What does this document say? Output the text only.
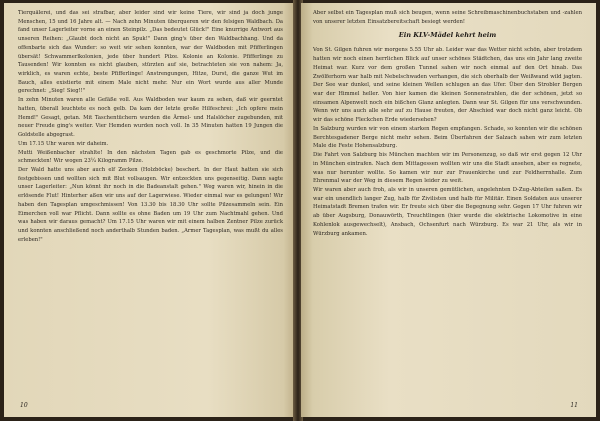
Tierquälerei, und das sei strafbar, aber leider sind wir keine Tiere, wir sind ja doch junge Menschen, 15 und 16 Jahre alt. — Nach zehn Minuten überqueren wir den felsigen Waldbach. Da fand unser Lagerleiter vorne an einen Steinpilz. „Das bedeutet Glück!" Eine knurrige Antwort aus unseren Reihen: „Glaubt doch nicht an Spuk!" Dann ging's über den Waldbachhang. Und da offenbarte sich das Wunder: so weit wir sehen konnten, war der Waldboden mit Pfifferlingen übersät! Schwammerlkolonien, jede über hundert Pilze. Kolonie an Kolonie. Pfifferlinge zu Tausenden! Wir konnten es nicht glauben, stürzten auf sie, betrachteten sie von nahem: Ja, wirklich, es waren echte, beste Pfifferlinge! Anstrengungen, Hitze, Durst, die ganze Wut im Bauch, alles existierte mit einem Male nicht mehr. Nur ein Wort wurde aus aller Munde gerechnet: „Sieg! Sieg!!"

In zehn Minuten waren alle Gefäße voll. Aus Waldboden war kaum zu sehen, daß wir geerntet hatten, überall leuchtete es noch gelb. Da kam der letzte große Hilfeschrei: „Ich opfere mein Hemd!" Gesagt, getan. Mit Taschentüchern wurden die Ärmel- und Halslöcher zugebunden, mit neuer Freude ging's weiter. Vier Hemden wurden noch voll. In 35 Minuten hatten 19 Jungen die Goldstelle abgegrast.

Um 17.15 Uhr waren wir daheim.

Mutti Weißenbacher strahlte! In den nächsten Tagen gab es geschmorte Pilze, und die schmeckten! Wir wogen 23¼ Kilogramm Pilze.

Der Wald hatte uns aber auch elf Zecken (Holzböcke) beschert. In der Haut hatten sie sich festgebissen und wollten sich mit Blut vollsaugen. Wir entzeckten uns gegenseitig. Dann sagte unser Lagerleiter: „Nun könnt ihr noch in die Badeanstalt gehen." Weg waren wir, hinein in die erlösende Flut! Hinterher aßen wir uns auf der Lagerwiese. Wieder einmal war es gelungen! Wir haben den Tagesplan umgeschmissen! Von 13.30 bis 18.30 Uhr sollte Pilzesammeln sein. Ein Eimerchen voll war Pflicht. Dann sollte es ohne Baden um 19 Uhr zum Nachtmahl gehen. Und was haben wir daraus gemacht? Um 17.15 Uhr waren wir mit einem halben Zentner Pilze zurück und konnten anschließend noch anderthalb Stunden baden. „Armer Tagesplan, was mußt du alles erleben!"

10

Aber selbst ein Tagesplan muß sich beugen, wenn seine Schreibmaschinenbuchstaben und -zahlen von unserer letzten Einsatzbereitschaft besiegt werden!

Ein KLV-Mädel kehrt heim

Von St. Gilgen fuhren wir morgens 5.55 Uhr ab. Leider war das Wetter nicht schön, aber trotzdem hatten wir noch einen herrlichen Blick auf unser schönes Städtchen, das uns ein Jahr lang zweite Heimat war. Kurz vor dem großen Tunnel sahen wir noch einmal auf den Ort hinab. Das Zwölferhorn war halb mit Nebelschwaden verhangen, die sich oberhalb der Weißwand wild jagten. Der See war dunkel, und seine kleinen Wellen schlugen an das Ufer. Über den Strobler Bergen war der Himmel heller. Von hier kamen die kleinen Sonnenstrahlen, die der schönen, jetzt so einsamen Alpenwelt noch ein bißchen Glanz anlegten. Dann war St. Gilgen für uns verschwunden. Wenn wir uns auch alle sehr auf zu Hause freuten, der Abschied war doch nicht ganz leicht. Ob wir das schöne Fleckchen Erde wiedersehen?

In Salzburg wurden wir von einem starken Regen empfangen. Schade, so konnten wir die schönen Berchtesgadener Berge nicht mehr sehen. Beim Überfahren der Salzach sahen wir zum letzten Male die Feste Hohensalzburg.

Die Fahrt von Salzburg bis München machten wir im Personenzug, so daß wir erst gegen 12 Uhr in München eintrafen. Nach dem Mittagessen wollten wir uns die Stadt ansehen, aber es regnete, was nur herunter wollte. So kamen wir nur zur Frauenkirche und zur Feldherrnhalle. Zum Ehrenmal war der Weg in diesem Regen leider zu weit.

Wir waren aber auch froh, als wir in unseren gemütlichen, angelehnten D-Zug-Abteilen saßen. Es war ein unendlich langer Zug, halb für Zivilisten und halb für Militär. Einen Soldaten aus unserer Heimatstadt Bremen trafen wir. Er freute sich über die Begegnung sehr. Gegen 17 Uhr fuhren wir ab über Augsburg, Donauwörth, Treuchtlingen (hier wurde die elektrische Lokomotive in eine Kohlenlok ausgewechselt), Ansbach, Ochsenfurt nach Würzburg. Es war 21 Uhr, als wir in Würzburg ankamen.

11
